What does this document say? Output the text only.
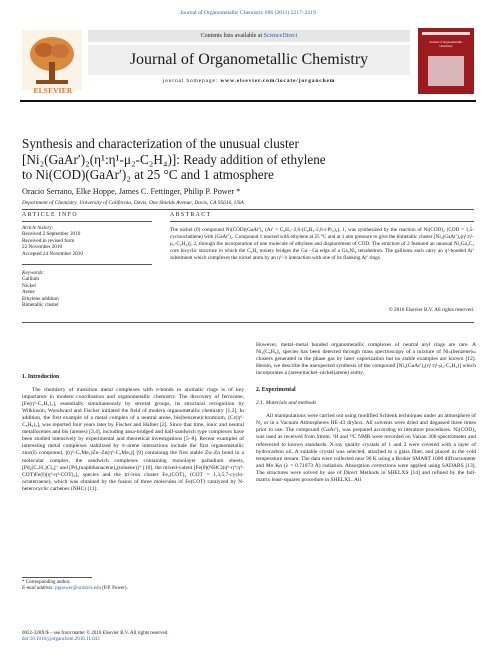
Journal of Organometallic Chemistry 696 (2011) 2217–2219
ELSEVIER
Contents lists available at ScienceDirect
Journal of Organometallic Chemistry
journal homepage: www.elsevier.com/locate/jorganchem
Journal of Organometallic Chemistry
Synthesis and characterization of the unusual cluster
[Ni₂(GaAr′)₂(η¹:η¹-μ₂-C₂H₄)]: Ready addition of ethylene
to Ni(COD)(GaAr′)₂ at 25 °C and 1 atmosphere
Oracio Serrano, Elke Hoppe, James C. Fettinger, Philip P. Power *
Department of Chemistry, University of California, Davis, One Shields Avenue, Davis, CA 95616, USA
ARTICLE INFO	ABSTRACT
Article history:
Received 2 September 2010
Received in revised form
22 November 2010
Accepted 24 November 2010
Keywords:
Gallium
Nickel
Arene
Ethylene addition
Bimetallic cluster
The nickel (0) compound Ni(COD)(GaAr′)₂ (Ar′ = C₆H₃−2,6-(C₆H₃-2,6-i-Pr₂)₂), 1, was synthesized by the reaction of Ni(COD)₂ (COD = 1,5-cyclooctadiene) with (GaAr′)₂. Compound 1 reacted with ethylene at 25 °C and at 1 atm pressure to give the bimetallic cluster [Ni₂(GaAr′)₂(η¹:η¹-μ₂-C₂H₄)], 2, through the incorporation of one molecule of ethylene and displacement of COD. The structure of 2 featured an unusual Ni₂Ga₂C₂ core bicyclic structure in which the C₂H₄ moiety bridges the Ga⋯Ga edge of a Ga₂Ni₂ tetrahedron. The galliums each carry an η¹-bonded Ar′ substituent which complexes the nickel atom by an η⁶−π interaction with one of its flanking Ar′ rings.
© 2010 Elsevier B.V. All rights reserved.

1. Introduction

The chemistry of transition metal complexes with π-bonds to aromatic rings is of key importance in modern coordination and organometallic chemistry. The discovery of ferrocene, [Fe(η⁵-C₅H₅)₂], essentially simultaneously by several groups, its structural recognition by Wilkinson, Woodward and Fischer initiated the field of modern organometallic chemistry [1,2]. In addition, the first example of a metal complex of a neutral arene, bis(benzene)chromium, [Cr(η⁶-C₆H₆)₂], was reported four years later by Fischer and Hafner [2]. Since that time, ionic and neutral metallocenes and bis (arenes) [3,4], including ansa-bridged and half-sandwich type complexes have been studied intensively by experimental and theoretical investigations [5–8]. Recent examples of interesting metal complexes stabilized by π–arene interactions include the first organometallic zinc(I) compound, [(η⁵-C₅Me₅)Zn–Zn(η⁵-C₅Me₅)] [9] containing the first stable Zn–Zn bond in a molecular complex, the sandwich complexes containing monolayer palladium sheets, [Pd₄(C₇H₇)Cl₃]⁻ and [Pd₅(naphthanacene)₂(toluene)]⁺ [10], the mixed-valent [Fe(0)(NHC)(η⁶-η⁴:η⁴-COT)Fe(I)(η⁶-η³-COT)₂]₂ species and the tri-iron cluster Fe₃(COT)₃ (COT = 1,3,5,7-cyclo-octatetraene), which was obtained by the fusion of three molecules of Fe(COT) catalyzed by N-heterocyclic carbenes (NHC) [11].

However, metal–metal bonded organometallic complexes of neutral aryl rings are rare. A Ni₂(C₆H₆)₂ species has been detected through mass spectroscopy of a mixture of Niₙ(benzene)ₘ clusters generated in the phase gas by laser vaporization but no stable examples are known [12]. Herein, we describe the unexpected synthesis of the compound [Ni₂(GaAr′)₂(η¹:η¹-μ₂-C₂H₄)] which incorporates a (arene)nickel–nickel(arene) entity.

2. Experimental

2.1. Materials and methods

All manipulations were carried out using modified Schlenk techniques under an atmosphere of N₂ or in a Vacuum Atmospheres HE-43 drybox. All solvents were dried and degassed three times prior to use. The compound (GaAr′)₂ was prepared according to literature procedures. Ni(COD)₂ was used as received from Strem. ¹H and ¹³C NMR were recorded on Varian 300 spectrometer and referenced to known standards. X-ray quality crystals of 1 and 2 were covered with a layer of hydrocarbon oil. A suitable crystal was selected, attached to a glass fiber, and placed in the cold temperature stream. The data were collected near 90 K using a Bruker SMART 1000 diffractometer and Mo Kα (λ = 0.71073 Å) radiation. Absorption corrections were applied using SADABS [13]. The structures were solved by use of Direct Methods in SHELXS [14] and refined by the full-matrix least-squares procedure in SHELXL. All

* Corresponding author.
E-mail address: pppower@ucdavis.edu (P.P. Power).
0022-328X/$ – see front matter © 2010 Elsevier B.V. All rights reserved.
doi:10.1016/j.jorganchem.2010.11.043
